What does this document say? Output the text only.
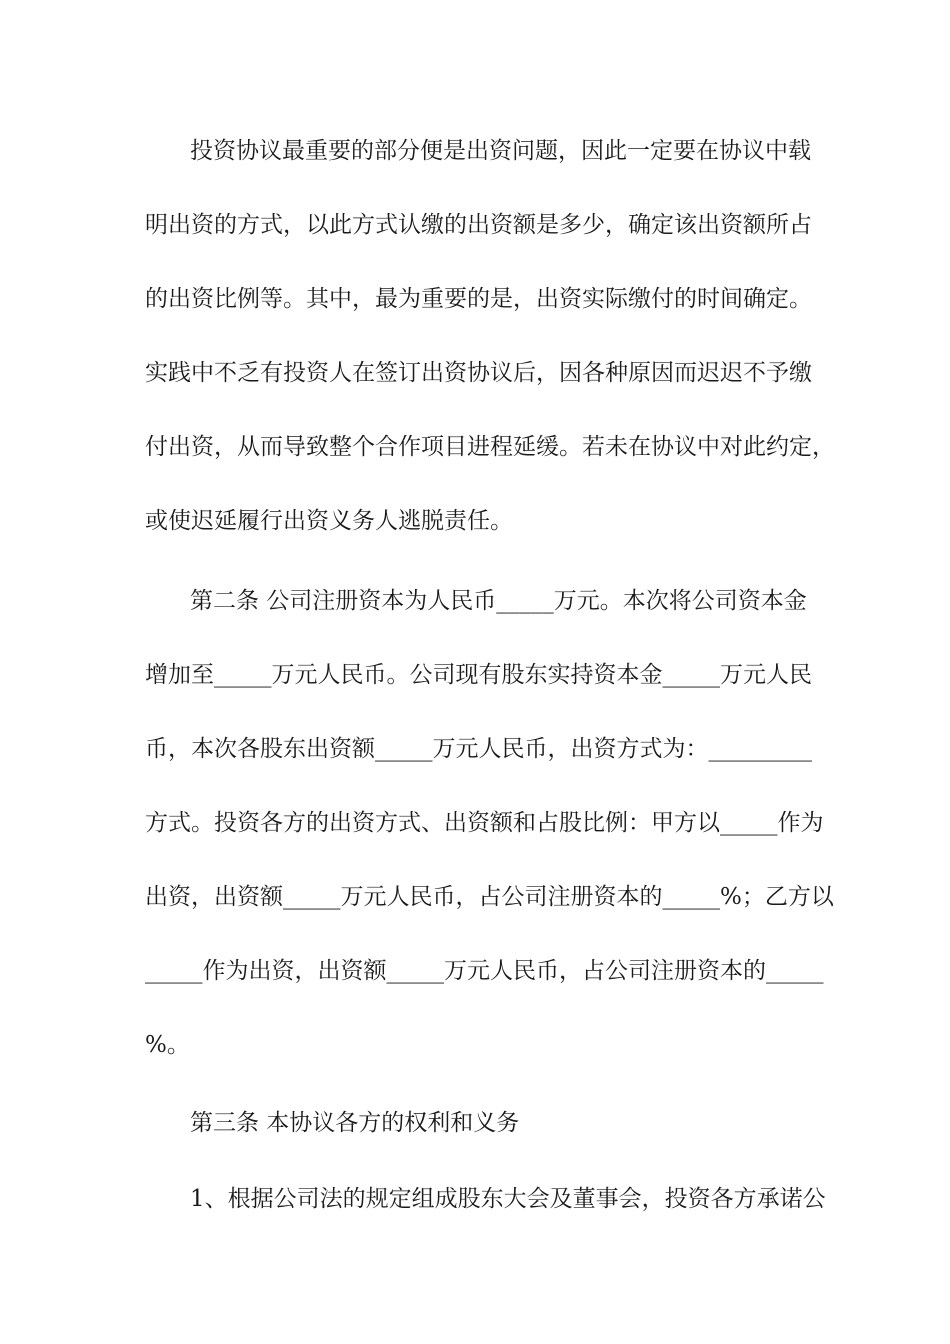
投资协议最重要的部分便是出资问题，因此一定要在协议中载
明出资的方式，以此方式认缴的出资额是多少，确定该出资额所占
的出资比例等。其中，最为重要的是，出资实际缴付的时间确定。
实践中不乏有投资人在签订出资协议后，因各种原因而迟迟不予缴
付出资，从而导致整个合作项目进程延缓。若未在协议中对此约定，
或使迟延履行出资义务人逃脱责任。
第二条 公司注册资本为人民币_____万元。本次将公司资本金
增加至_____万元人民币。公司现有股东实持资本金_____万元人民
币，本次各股东出资额_____万元人民币，出资方式为：_________
方式。投资各方的出资方式、出资额和占股比例：甲方以_____作为
出资，出资额_____万元人民币，占公司注册资本的_____%；乙方以
_____作为出资，出资额_____万元人民币，占公司注册资本的_____
%。
第三条 本协议各方的权利和义务
1、根据公司法的规定组成股东大会及董事会，投资各方承诺公
